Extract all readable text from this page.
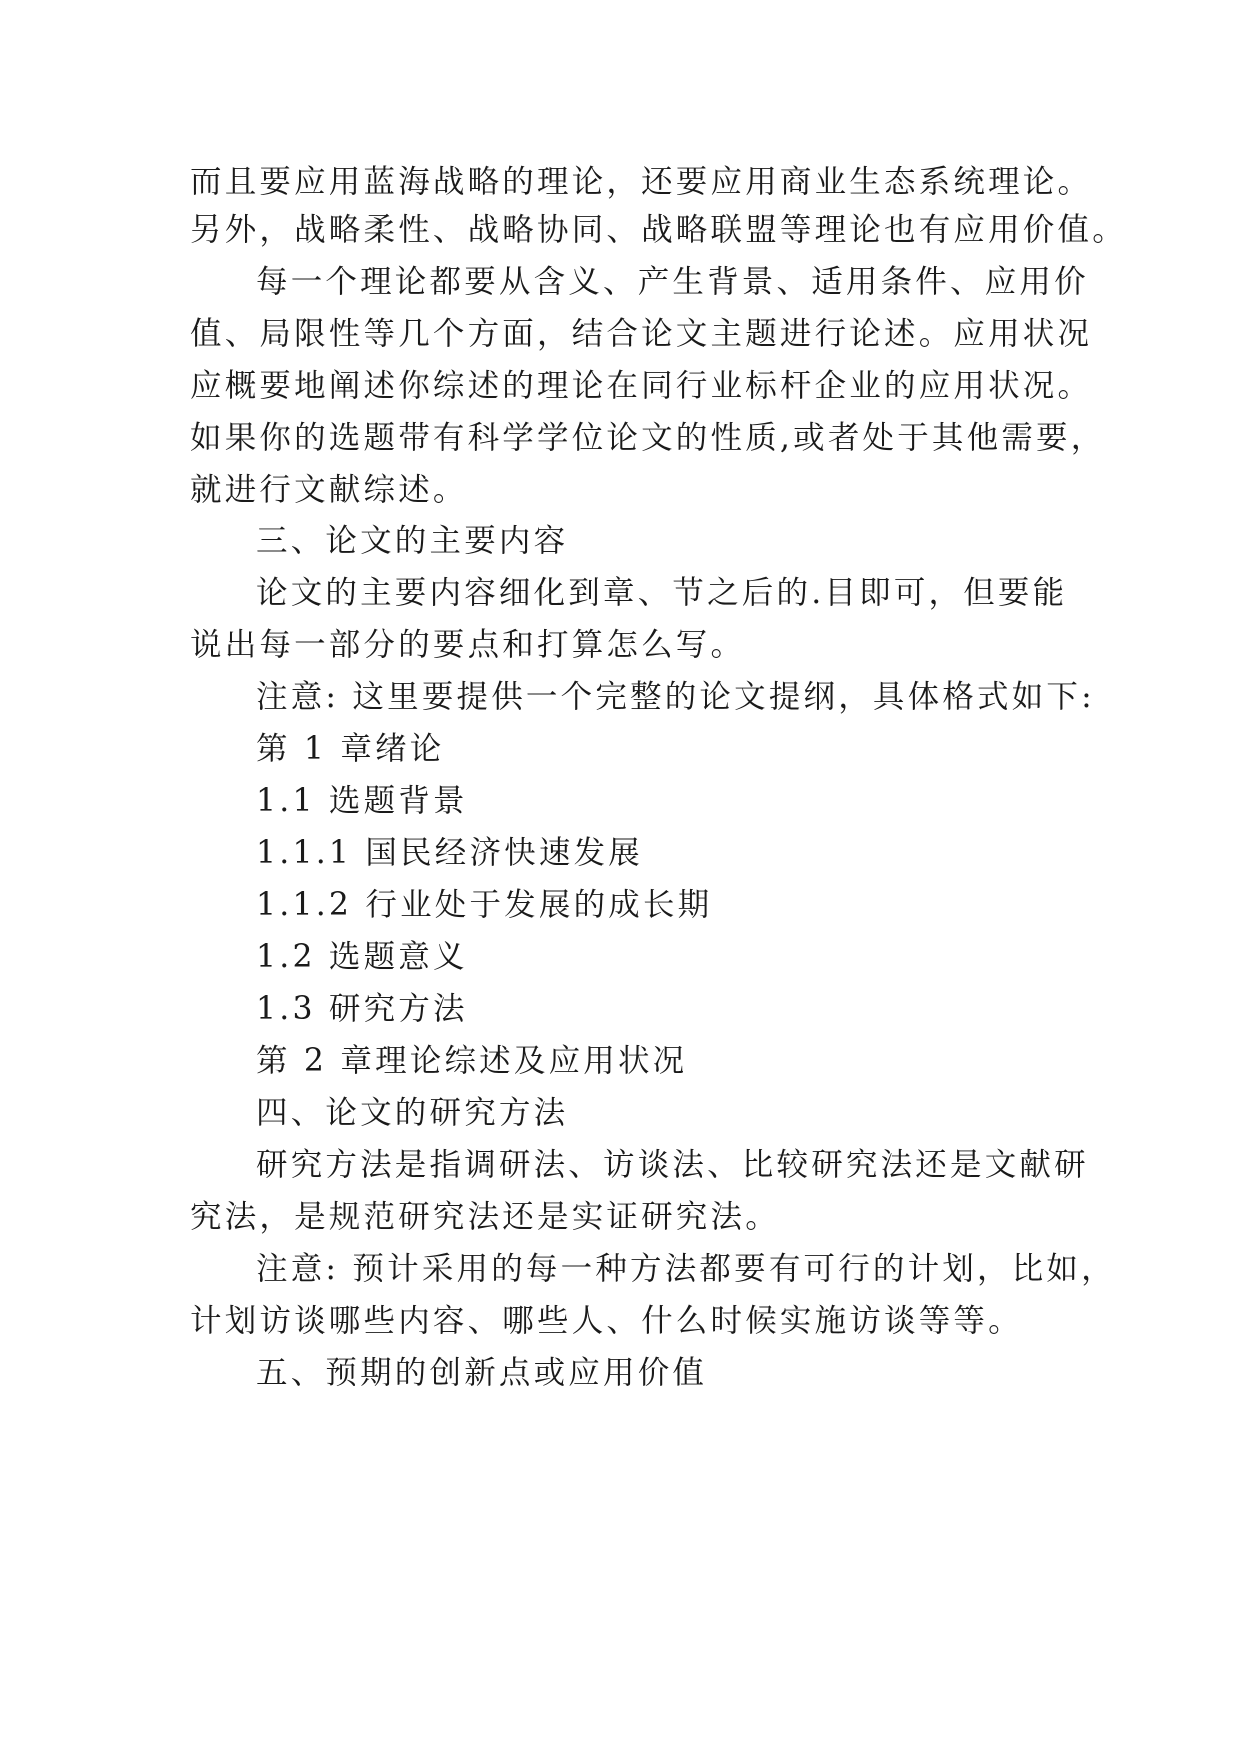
而且要应用蓝海战略的理论，还要应用商业生态系统理论。
另外，战略柔性、战略协同、战略联盟等理论也有应用价值。
每一个理论都要从含义、产生背景、适用条件、应用价
值、局限性等几个方面，结合论文主题进行论述。应用状况
应概要地阐述你综述的理论在同行业标杆企业的应用状况。
如果你的选题带有科学学位论文的性质,或者处于其他需要，
就进行文献综述。
三、论文的主要内容
论文的主要内容细化到章、节之后的.目即可，但要能
说出每一部分的要点和打算怎么写。
注意: 这里要提供一个完整的论文提纲，具体格式如下:
第 1 章绪论
1.1 选题背景
1.1.1 国民经济快速发展
1.1.2 行业处于发展的成长期
1.2 选题意义
1.3 研究方法
第 2 章理论综述及应用状况
四、论文的研究方法
研究方法是指调研法、访谈法、比较研究法还是文献研
究法，是规范研究法还是实证研究法。
注意: 预计采用的每一种方法都要有可行的计划，比如，
计划访谈哪些内容、哪些人、什么时候实施访谈等等。
五、预期的创新点或应用价值
